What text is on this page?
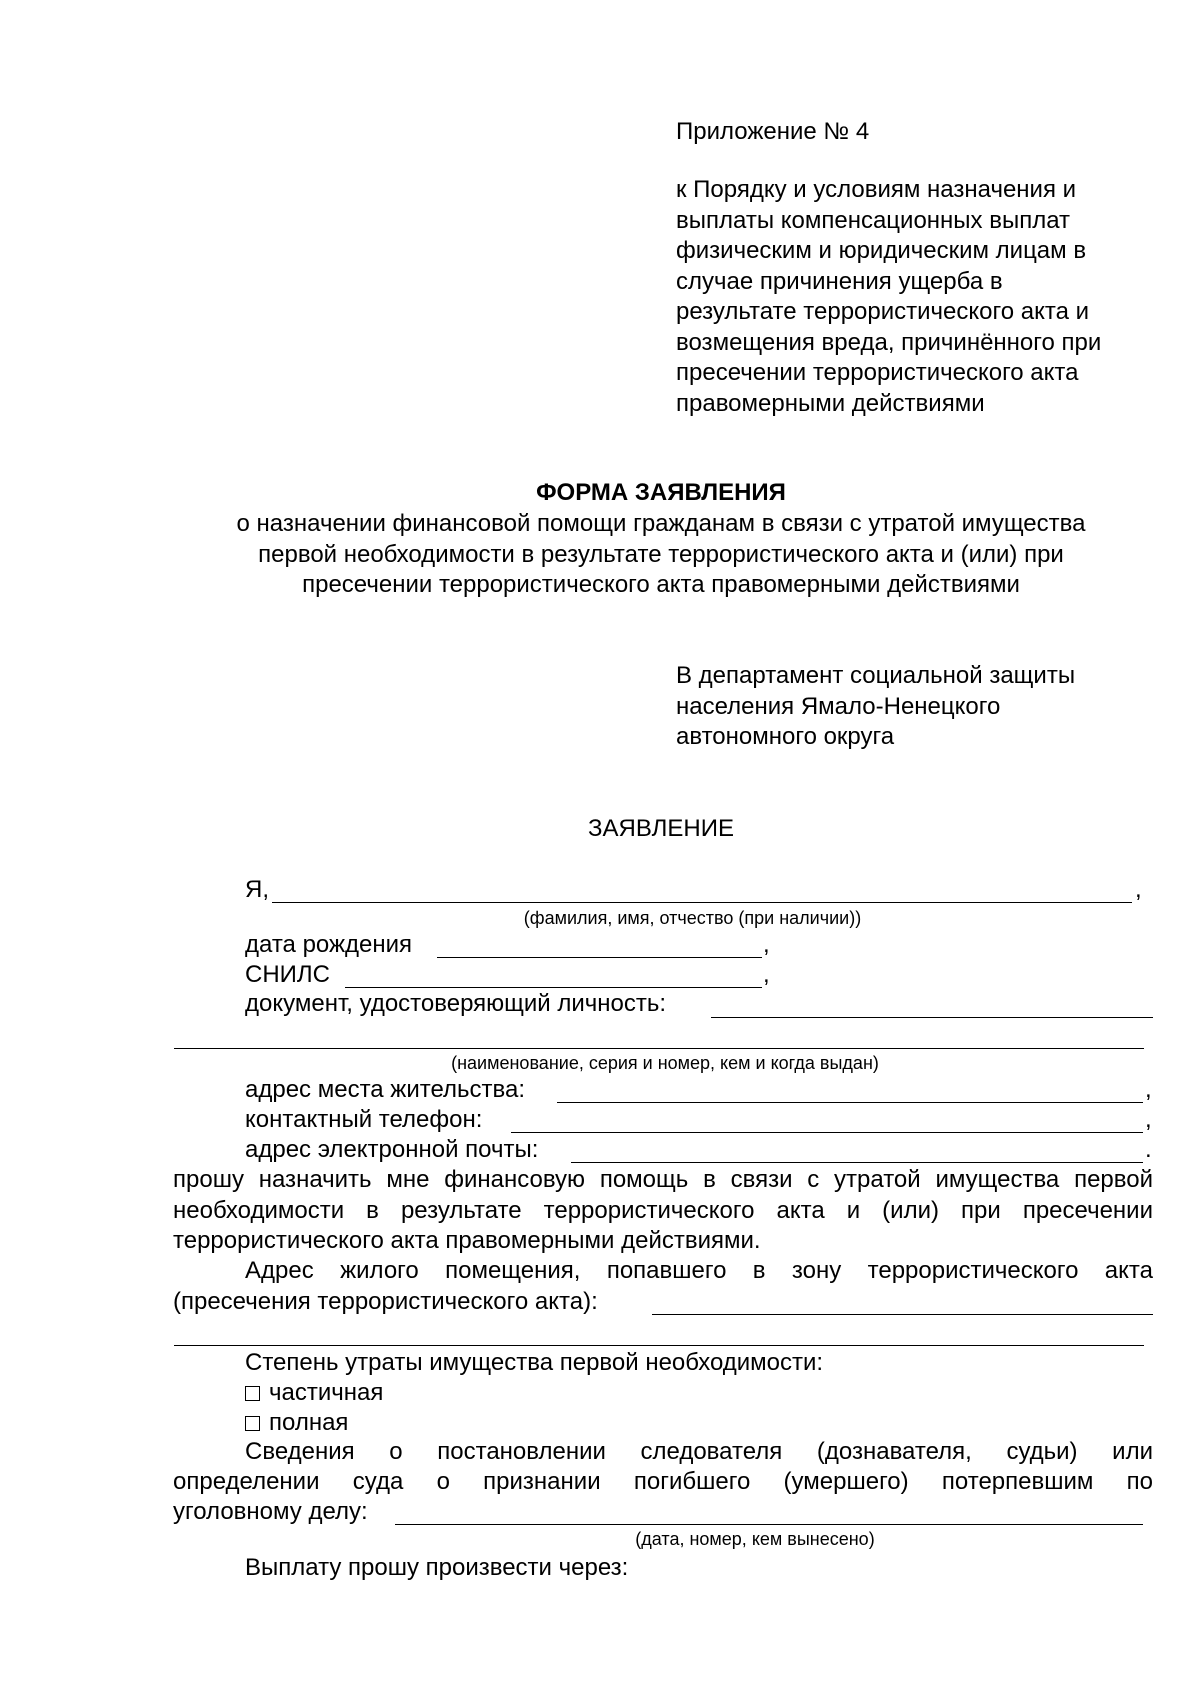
Приложение № 4
к Порядку и условиям назначения и
выплаты компенсационных выплат
физическим и юридическим лицам в
случае причинения ущерба в
результате террористического акта и
возмещения вреда, причинённого при
пресечении террористического акта
правомерными действиями
ФОРМА ЗАЯВЛЕНИЯ
о назначении финансовой помощи гражданам в связи с утратой имущества
первой необходимости в результате террористического акта и (или) при
пресечении террористического акта правомерными действиями
В департамент социальной защиты
населения Ямало-Ненецкого
автономного округа
ЗАЯВЛЕНИЕ
Я,	,
(фамилия, имя, отчество (при наличии))
дата рождения	,
СНИЛС	,
документ, удостоверяющий личность:
(наименование, серия и номер, кем и когда выдан)
адрес места жительства:	,
контактный телефон:	,
адрес электронной почты:	.
прошу назначить мне финансовую помощь в связи с утратой имущества первой
необходимости в результате террористического акта и (или) при пресечении
террористического акта правомерными действиями.
Адрес жилого помещения, попавшего в зону террористического акта
(пресечения террористического акта):
Степень утраты имущества первой необходимости:
частичная
полная
Сведения о постановлении следователя (дознавателя, судьи) или
определении суда о признании погибшего (умершего) потерпевшим по
уголовному делу:
(дата, номер, кем вынесено)
Выплату прошу произвести через:
